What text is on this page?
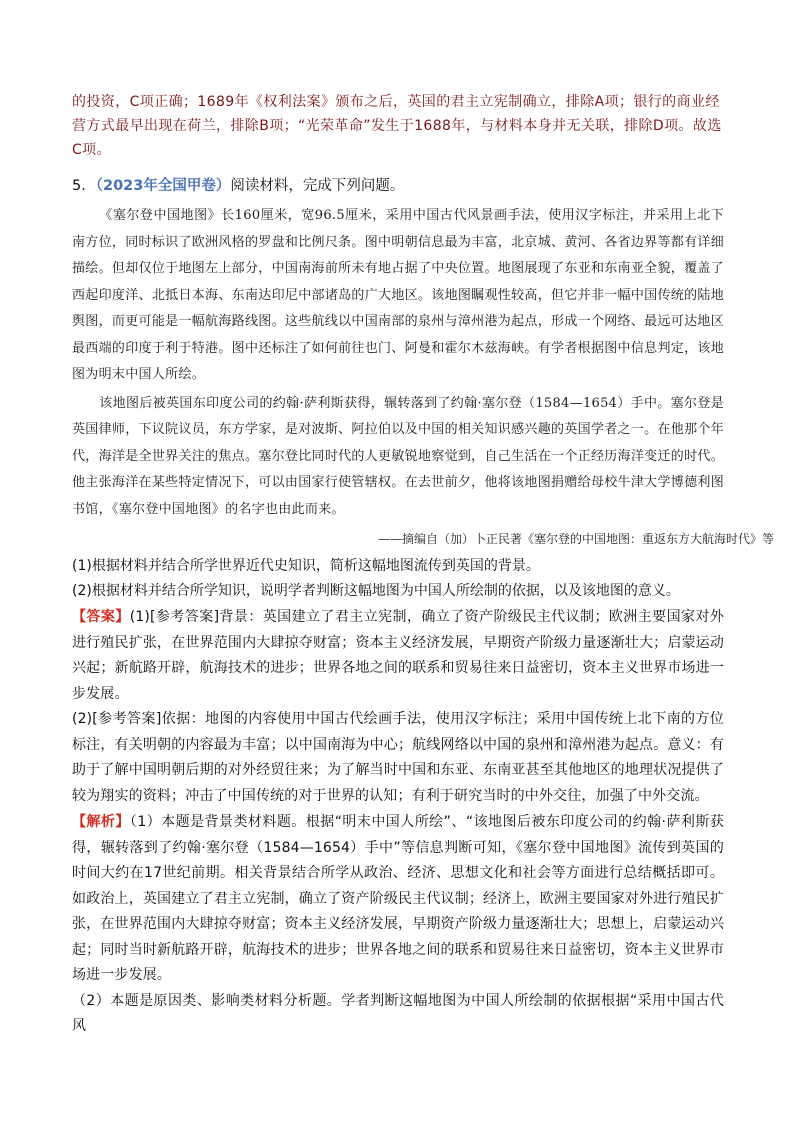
的投资，C项正确；1689年《权利法案》颁布之后，英国的君主立宪制确立，排除A项；银行的商业经营方式最早出现在荷兰，排除B项；“光荣革命”发生于1688年，与材料本身并无关联，排除D项。故选C项。
5．（2023年全国甲卷）阅读材料，完成下列问题。

《塞尔登中国地图》长160厘米，宽96.5厘米，采用中国古代风景画手法，使用汉字标注，并采用上北下南方位，同时标识了欧洲风格的罗盘和比例尺条。图中明朝信息最为丰富，北京城、黄河、各省边界等都有详细描绘。但却仅位于地图左上部分，中国南海前所未有地占据了中央位置。地图展现了东亚和东南亚全貌，覆盖了西起印度洋、北抵日本海、东南达印尼中部诸岛的广大地区。该地图瞩观性较高，但它并非一幅中国传统的陆地舆图，而更可能是一幅航海路线图。这些航线以中国南部的泉州与漳州港为起点，形成一个网络、最远可达地区最西端的印度于利于特港。图中还标注了如何前往也门、阿曼和霍尔木兹海峡。有学者根据图中信息判定，该地图为明末中国人所绘。

该地图后被英国东印度公司的约翰·萨利斯获得，辗转落到了约翰·塞尔登（1584—1654）手中。塞尔登是英国律师，下议院议员，东方学家，是对波斯、阿拉伯以及中国的相关知识感兴趣的英国学者之一。在他那个年代，海洋是全世界关注的焦点。塞尔登比同时代的人更敏锐地察觉到，自己生活在一个正经历海洋变迁的时代。他主张海洋在某些特定情况下，可以由国家行使管辖权。在去世前夕，他将该地图捐赠给母校牛津大学博德利图书馆，《塞尔登中国地图》的名字也由此而来。

——摘编自（加）卜正民著《塞尔登的中国地图：重返东方大航海时代》等
(1)根据材料并结合所学世界近代史知识，简析这幅地图流传到英国的背景。
(2)根据材料并结合所学知识，说明学者判断这幅地图为中国人所绘制的依据，以及该地图的意义。
【答案】(1)[参考答案]背景：英国建立了君主立宪制，确立了资产阶级民主代议制；欧洲主要国家对外进行殖民扩张，在世界范围内大肆掠夺财富；资本主义经济发展，早期资产阶级力量逐渐壮大；启蒙运动兴起；新航路开辟，航海技术的进步；世界各地之间的联系和贸易往来日益密切，资本主义世界市场进一步发展。
(2)[参考答案]依据：地图的内容使用中国古代绘画手法，使用汉字标注；采用中国传统上北下南的方位标注，有关明朝的内容最为丰富；以中国南海为中心；航线网络以中国的泉州和漳州港为起点。意义：有助于了解中国明朝后期的对外经贸往来；为了解当时中国和东亚、东南亚甚至其他地区的地理状况提供了较为翔实的资料；冲击了中国传统的对于世界的认知；有利于研究当时的中外交往，加强了中外交流。
【解析】（1）本题是背景类材料题。根据“明末中国人所绘”、“该地图后被东印度公司的约翰·萨利斯获得，辗转落到了约翰·塞尔登（1584—1654）手中”等信息判断可知，《塞尔登中国地图》流传到英国的时间大约在17世纪前期。相关背景结合所学从政治、经济、思想文化和社会等方面进行总结概括即可。如政治上，英国建立了君主立宪制，确立了资产阶级民主代议制；经济上，欧洲主要国家对外进行殖民扩张，在世界范围内大肆掠夺财富；资本主义经济发展，早期资产阶级力量逐渐壮大；思想上，启蒙运动兴起；同时当时新航路开辟，航海技术的进步；世界各地之间的联系和贸易往来日益密切，资本主义世界市场进一步发展。
（2）本题是原因类、影响类材料分析题。学者判断这幅地图为中国人所绘制的依据根据“采用中国古代风
